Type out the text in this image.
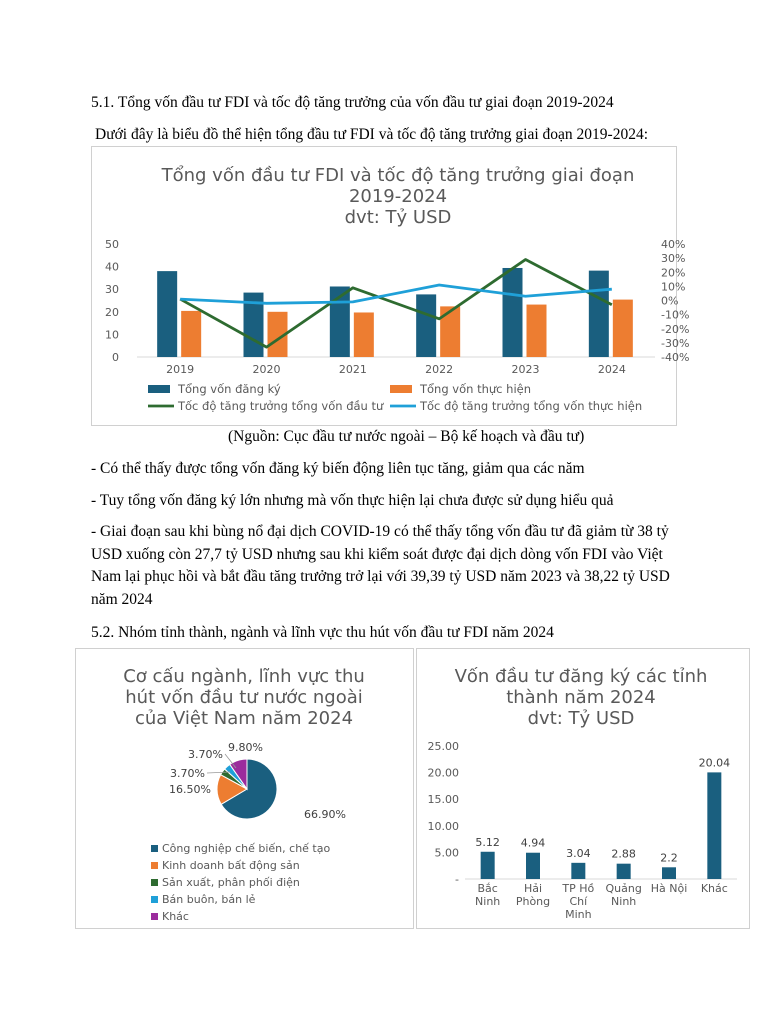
5.1. Tổng vốn đầu tư FDI và tốc độ tăng trưởng của vốn đầu tư giai đoạn 2019-2024
Dưới đây là biểu đồ thể hiện tổng đầu tư FDI và tốc độ tăng trưởng giai đoạn 2019-2024:
Tổng vốn đầu tư FDI và tốc độ tăng trưởng giai đoạn
2019-2024
dvt: Tỷ USD
0
10
20
30
40
50
-40%
-30%
-20%
-10%
0%
10%
20%
30%
40%
2019	2020	2021	2022	2023	2024
Tổng vốn đăng ký	Tổng vốn thực hiện
Tốc độ tăng trưởng tổng vốn đầu tư	Tốc độ tăng trưởng tổng vốn thực hiện
(Nguồn: Cục đầu tư nước ngoài – Bộ kế hoạch và đầu tư)
- Có thể thấy được tổng vốn đăng ký biến động liên tục tăng, giảm qua các năm
- Tuy tổng vốn đăng ký lớn nhưng mà vốn thực hiện lại chưa được sử dụng hiểu quả
- Giai đoạn sau khi bùng nổ đại dịch COVID-19 có thể thấy tổng vốn đầu tư đã giảm từ 38 tỷ USD xuống còn 27,7 tỷ USD nhưng sau khi kiểm soát được đại dịch dòng vốn FDI vào Việt Nam lại phục hồi và bắt đầu tăng trưởng trở lại với 39,39 tỷ USD năm 2023 và 38,22 tỷ USD năm 2024
5.2. Nhóm tỉnh thành, ngành và lĩnh vực thu hút vốn đầu tư FDI năm 2024
Cơ cấu ngành, lĩnh vực thu
hút vốn đầu tư nước ngoài
của Việt Nam năm 2024
66.90%
16.50%
3.70%
3.70%
9.80%
Công nghiệp chế biến, chế tạo
Kinh doanh bất động sản
Sản xuất, phân phối điện
Bán buôn, bán lẻ
Khác
Vốn đầu tư đăng ký các tỉnh
thành năm 2024
dvt: Tỷ USD
-
5.00
10.00
15.00
20.00
25.00
5.12
Bắc
Ninh
4.94
Hải
Phòng
3.04
TP Hồ
Chí
Minh
2.88
Quảng
Ninh
2.2
Hà Nội
20.04
Khác
